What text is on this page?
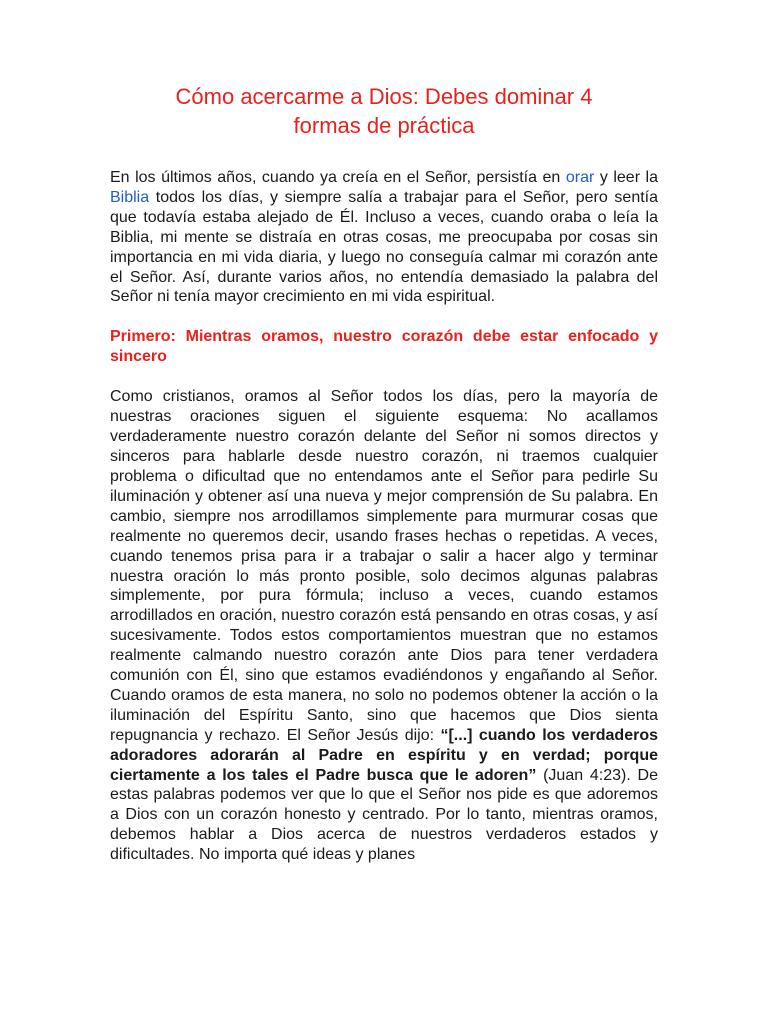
Cómo acercarme a Dios: Debes dominar 4
formas de práctica

En los últimos años, cuando ya creía en el Señor, persistía en orar y leer la Biblia todos los días, y siempre salía a trabajar para el Señor, pero sentía que todavía estaba alejado de Él. Incluso a veces, cuando oraba o leía la Biblia, mi mente se distraía en otras cosas, me preocupaba por cosas sin importancia en mi vida diaria, y luego no conseguía calmar mi corazón ante el Señor. Así, durante varios años, no entendía demasiado la palabra del Señor ni tenía mayor crecimiento en mi vida espiritual.

Primero: Mientras oramos, nuestro corazón debe estar enfocado y sincero

Como cristianos, oramos al Señor todos los días, pero la mayoría de nuestras oraciones siguen el siguiente esquema: No acallamos verdaderamente nuestro corazón delante del Señor ni somos directos y sinceros para hablarle desde nuestro corazón, ni traemos cualquier problema o dificultad que no entendamos ante el Señor para pedirle Su iluminación y obtener así una nueva y mejor comprensión de Su palabra. En cambio, siempre nos arrodillamos simplemente para murmurar cosas que realmente no queremos decir, usando frases hechas o repetidas. A veces, cuando tenemos prisa para ir a trabajar o salir a hacer algo y terminar nuestra oración lo más pronto posible, solo decimos algunas palabras simplemente, por pura fórmula; incluso a veces, cuando estamos arrodillados en oración, nuestro corazón está pensando en otras cosas, y así sucesivamente. Todos estos comportamientos muestran que no estamos realmente calmando nuestro corazón ante Dios para tener verdadera comunión con Él, sino que estamos evadiéndonos y engañando al Señor. Cuando oramos de esta manera, no solo no podemos obtener la acción o la iluminación del Espíritu Santo, sino que hacemos que Dios sienta repugnancia y rechazo. El Señor Jesús dijo: “[...] cuando los verdaderos adoradores adorarán al Padre en espíritu y en verdad; porque ciertamente a los tales el Padre busca que le adoren” (Juan 4:23). De estas palabras podemos ver que lo que el Señor nos pide es que adoremos a Dios con un corazón honesto y centrado. Por lo tanto, mientras oramos, debemos hablar a Dios acerca de nuestros verdaderos estados y dificultades. No importa qué ideas y planes
